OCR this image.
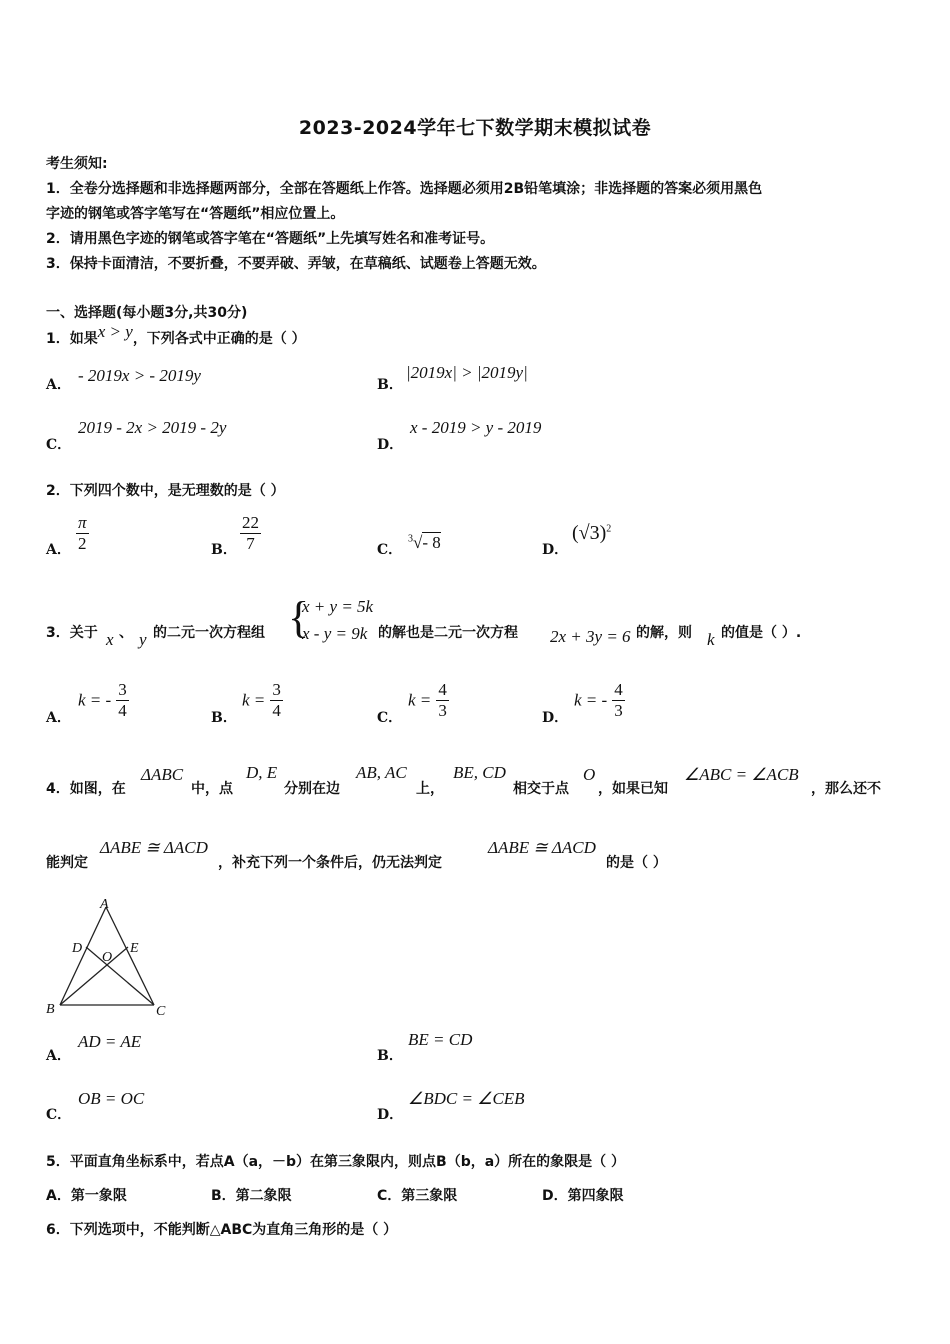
2023-2024学年七下数学期末模拟试卷
考生须知:
1．全卷分选择题和非选择题两部分，全部在答题纸上作答。选择题必须用2B铅笔填涂；非选择题的答案必须用黑色
字迹的钢笔或答字笔写在“答题纸”相应位置上。
2．请用黑色字迹的钢笔或答字笔在“答题纸”上先填写姓名和准考证号。
3．保持卡面清洁，不要折叠，不要弄破、弄皱，在草稿纸、试题卷上答题无效。
一、选择题(每小题3分,共30分)
1．如果x > y，下列各式中正确的是（ ）
A． - 2019x > - 2019y	B．
|2019x| > |2019y|
C．
2019 - 2x > 2019 - 2y
D．
x - 2019 > y - 2019
2．下列四个数中，是无理数的是（ ）
A． $\frac{\pi}{2}$	B． $\frac{22}{7}$	C．
$^3$√- 8	D．
$(√3)^2$
3．关于 x 、 y 的二元一次方程组 {
x + y = 5k
x - y = 9k 的解也是二元一次方程 2x + 3y = 6 的解，则 k 的值是（ ）.
A．
k = - $\frac{3}{4}$	B．
$k = \frac{3}{4}$	C．
$k = \frac{4}{3}$	D．
k = - $\frac{4}{3}$
4．如图，在
ΔABC
中，点
D, E
分别在边
AB, AC
上，
BE, CD
相交于点
O
，如果已知
∠ABC = ∠ACB
，那么还不
能判定
ΔABE ≅ ΔACD
，补充下列一个条件后，仍无法判定
ΔABE ≅ ΔACD
的是（ ）
A
D	E
O
B	C
A．
AD = AE
B．
BE = CD
C．
OB = OC
D．
∠BDC = ∠CEB
5．平面直角坐标系中，若点A（a，－b）在第三象限内，则点B（b，a）所在的象限是（ ）
A．第一象限	B．第二象限	C．第三象限	D．第四象限
6．下列选项中，不能判断△ABC为直角三角形的是（ ）
